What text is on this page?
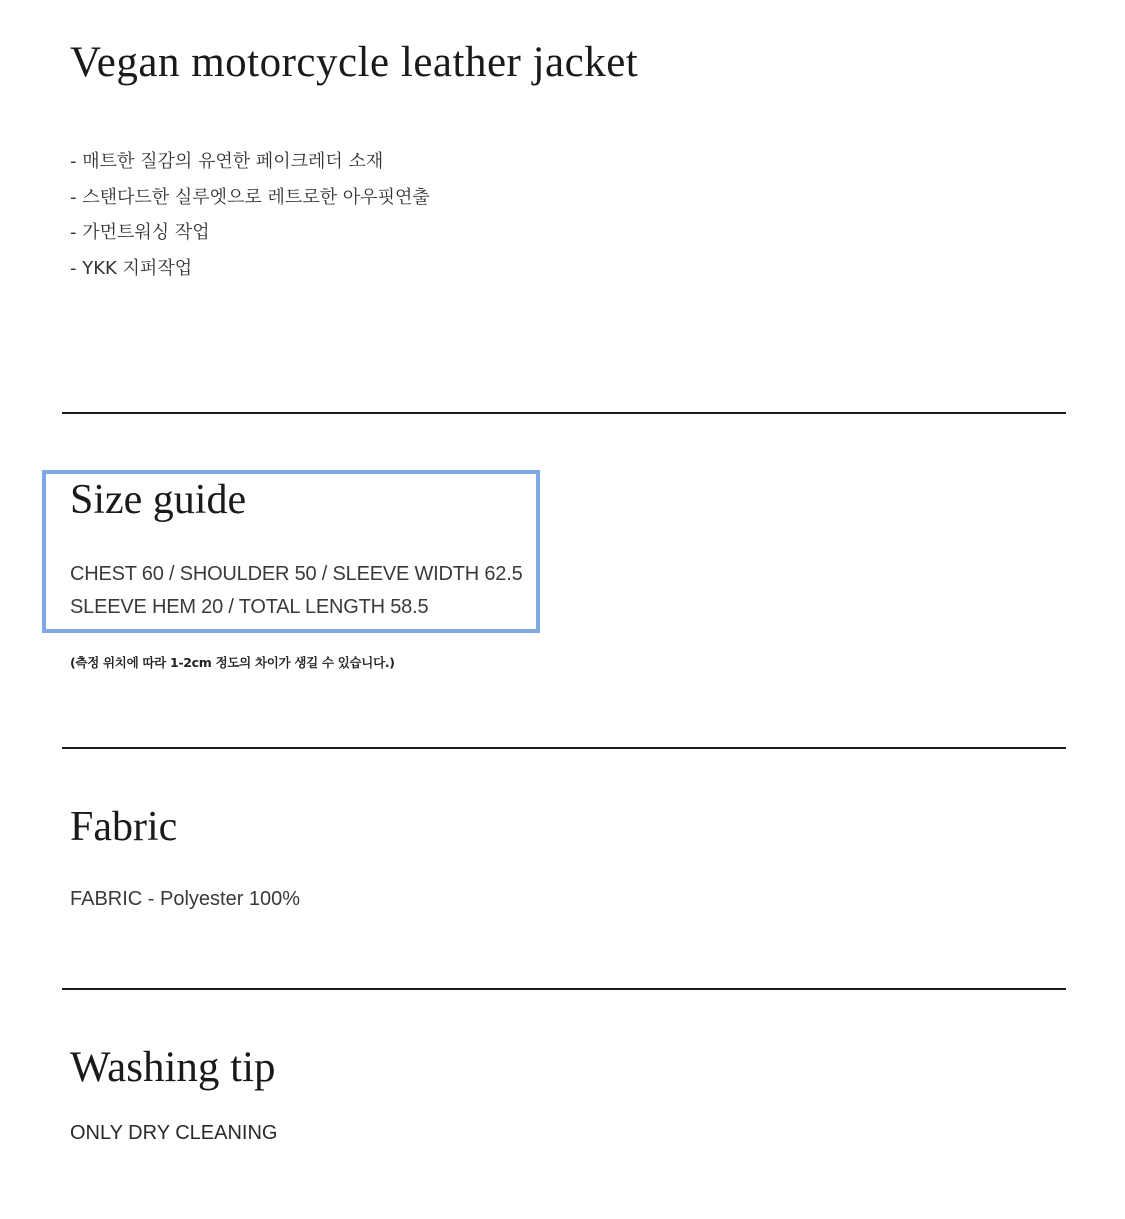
Vegan motorcycle leather jacket
- 매트한 질감의 유연한 페이크레더 소재
- 스탠다드한 실루엣으로 레트로한 아우핏연출
- 가먼트워싱 작업
- YKK 지퍼작업
Size guide
CHEST 60 / SHOULDER 50 / SLEEVE WIDTH 62.5
SLEEVE HEM 20 / TOTAL LENGTH 58.5
(측정 위치에 따라 1-2cm 정도의 차이가 생길 수 있습니다.)
Fabric
FABRIC - Polyester 100%
Washing tip
ONLY DRY CLEANING
